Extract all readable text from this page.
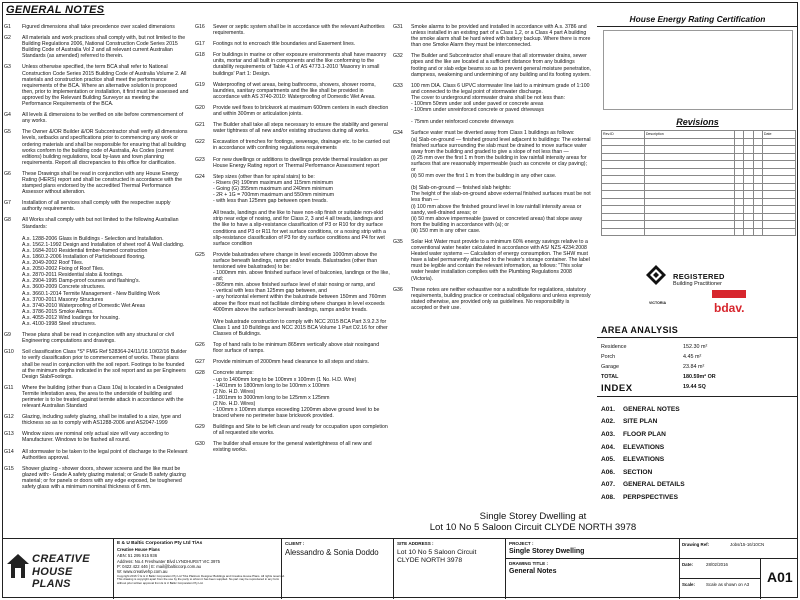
GENERAL NOTES
G1	Figured dimensions shall take precedence over scaled dimensions
G2	All materials and work practices shall comply with, but not limited to the Building Regulations 2006, National Construction Code Series 2015 Building Code of Australia Vol 2 and all relevant current Australian Standards (as amended) referred to therein.
G3	Unless otherwise specified, the term BCA shall refer to National Construction Code Series 2015 Building Code of Australia Volume 2. All materials and construction practice shall meet the performance requirements of the BCA. Where an alternative solution is proposed then, prior to implementation or installation, it first must be assessed and approved by the Relevant Building Surveyor as meeting the Performance Requirements of the BCA.
G4	All levels & dimensions to be verified on site before commencement of any works.
G5	The Owner &/OR Builder &/OR Subcontractor shall verify all dimensions levels, setbacks and specifications prior to commencing any work or ordering materials and shall be responsible for ensuring that all building works conform to the building code of Australia, As Codes (current editions) building regulations, local by-laws and town planning requirements. Report all discrepancies to this office for clarification.
G6	These Drawings shall be read in conjunction with any House Energy Rating (HERS) report and shall be constructed in accordance with the stamped plans endorsed by the accredited Thermal Performance Assessor without alteration.
G7	Installation of all services shall comply with the respective supply authority requirements.
G8	All Works shall comply with but not limited to the following Australian Standards:

A.s. 1288-2006 Glass in Buildings - Selection and Installation.
A.s. 1562.1-1992 Design and Installation of sheet roof & Wall cladding.
A.s. 1684-2010 Residential timber-framed construction
A.s. 1860.2-2006 Installation of Particleboard flooring.
A.s. 2049-2002 Roof Tiles.
A.s. 2050-2002 Fixing of Roof Tiles.
A.s. 2870-2011 Residential slabs & footings.
A.s. 2904-1995 Damp-proof courses and flashing's.
A.s. 3600-2009 Concrete structures.
A.s. 3660.1-2014 Termite Management - New Building Work
A.s. 3700-2011 Masonry Structures
A.s. 3740-2010 Waterproofing of Domestic Wet Areas
A.s. 3786-2015 Smoke Alarms.
A.s. 4055-2012 Wind loadings for housing.
A.s. 4100-1998 Steel structures.
G9	These plans shall be read in conjunction with any structural or civil Engineering computations and drawings.
G10	Soil classification Class *S* FMG Ref 528364-24/11/16 10/02/16 Builder to verify classification prior to commencement of works. These plans shall be read in conjunction with the soil report. Footings to be founded at the minimum depths indicated in the soil report and as per Engineers Design Slab/Footings.
G11	Where the building (other than a Class 10a) is located in a Designated Termite infestation area, the area to the underside of building and perimeter is to be treated against termite attack in accordance with the relevant Australian Standard
G12	Glazing, including safety glazing, shall be installed to a size, type and thickness so as to comply with AS1288-2006 and AS2047-1999
G13	Window sizes are nominal only actual size will vary according to Manufacturer. Windows to be flashed all round.
G14	All stormwater to be taken to the legal point of discharge to the Relevant Authorities approval.
G15	Shower glazing - shower doors, shower screens and the like must be glazed with:- Grade A safety glazing material; or Grade B safety glazing material; or for panels or doors with any edge exposed, be toughened safety glass with a minimum nominal thickness of 6 mm.
G16	Sewer or septic system shall be in accordance with the relevant Authorities requirements.
G17	Footings not to encroach title boundaries and Easement lines.
G18	For buildings in marine or other exposure environments shall have masonry units, mortar and all built in components and the like conforming to the durability requirements of Table 4.1 of AS 4773.1-2010 'Masonry in small buildings' Part 1: Design.
G19	Waterproofing of wet areas, being bathrooms, showers, shower rooms, laundries, sanitary compartments and the like shall be provided in accordance with AS 3740-2010: Waterproofing of Domestic Wet Areas.
G20	Provide weil fixes to brickwork at maximum 600mm centers in each direction and within 300mm or articulation joints.
G21	The Builder shall take all steps necessary to ensure the stability and general water tightness of all new and/or existing structures during all works.
G22	Excavation of trenches for footings, sewerage, drainage etc. to be carried out in accordance with confining regulations requirements
G23	For new dwellings or additions to dwellings provide thermal insulation as per House Energy Rating report or Thermal Performance Assessment report
G24	Step sizes (other than for spiral stairs) to be:
- Risers (R) 190mm maximum and 115mm minimum
- Going (G) 355mm maximum and 240mm minimum
- 2R + 1G = 700mm maximum and 550mm minimum
- with less than 125mm gap between open treads.

All treads, landings and the like to have non-slip finish or suitable non-skid strip near edge of nosing, and for Class 2, 3 and 4 all treads, landings and the like to have a slip-resistance classification of P3 or R10 for dry surface conditions and P3 or R11 for wet surface conditions, or a nosing strip with a slip-resistance classification of P3 for dry surface conditions and P4 for wet surface condition
G25	Provide balustrades where change in level exceeds 1000mm above the surface beneath landings, ramps and/or treads. Balustrades (other than tensioned wire balustrades) to be:
- 1000mm min. above finished surface level of balconies, landings or the like, and;
- 865mm min. above finished surface level of stair nosing or ramp, and
- vertical with less than 125mm gap between, and
- any horizontal element within the balustrade between 150mm and 760mm above the floor must not facilitate climbing where changes in level exceeds 4000mm above the surface beneath landings, ramps and/or treads.

Wire balustrade construction to comply with NCC 2015 BCA Part 3.9.2.3 for Class 1 and 10 Buildings and NCC 2015 BCA Volume 1 Part D2.16 for other Classes of Buildings.
G26	Top of hand rails to be minimum 865mm vertically above stair nosingand floor surface of ramps.
G27	Provide minimum of 2000mm head clearance to all steps and stairs.
G28	Concrete stumps:
- up to 1400mm long to be 100mm x 100mm (1 No. H.D. Wire)
- 1401mm to 1800mm long to be 100mm x 100mm
(2 No. H.D. Wires)
- 1801mm to 3000mm long to be 125mm x 125mm
(2 No. H.D. Wires)
- 100mm x 100mm stumps exceeding 1200mm above ground level to be braced where no perimeter base brickwork provided.
G29	Buildings and Site to be left clean and ready for occupation upon completion of all requested site works.
G30	The builder shall ensure for the general watertightness of all new and existing works.
G31	Smoke alarms to be provided and installed in accordance with A.s. 3786 and unless installed in an existing part of a Class 1,2, or a Class 4 part A building the smoke alarm shall be hard wired with battery backup. Where there is more than one Smoke Alarm they must be interconnected.
G32	The Builder and Subcontractor shall ensure that all stormwater drains, sewer pipes and the like are located at a sufficient distance from any buildings footing and or slab edge beams so as to prevent general moisture penetration, dampness, weakening and undermining of any building and its footing system.
G33	100 mm DIA. Class 6 UPVC stormwater line laid to a minimum grade of 1:100 and connected to the legal point of stormwater discharge.
The cover to underground stormwater drains shall be not less than:
- 100mm 50mm under soil under paved or concrete areas
- 100mm under unreinforced concrete or paved driveways

- 75mm under reinforced concrete driveways
G34	Surface water must be diverted away from Class 1 buildings as follows:
(a) Slab-on-ground — finished ground level adjacent to buildings: The external finished surface surrounding the slab must be drained to move surface water away from the building and graded to give a slope of not less than —
(i) 25 mm over the first 1 m from the building in low rainfall intensity areas for surfaces that are reasonably impermeable (such as concrete or clay paving); or
(ii) 50 mm over the first 1 m from the building in any other case.

(b) Slab-on-ground — finished slab heights:
The height of the slab-on-ground above external finished surfaces must be not less than —
(i) 100 mm above the finished ground level in low rainfall intensity areas or sandy, well-drained areas; or
(ii) 50 mm above impermeable (paved or concreted areas) that slope away from the building in accordance with (a); or
(iii) 150 mm in any other case.
G35	Solar Hot Water must provide to a minimum 60% energy savings relative to a conventional water heater calculated in accordance with AS/ NZS 4234:2008 Heated water systems — Calculation of energy consumption. The SHW must have a label permanently attached to the heater's storage container. The label must be legible and contain the relevant information, as follows: "This solar water heater installation complies with the Plumbing Regulations 2008 (Victoria).
G36	These notes are neither exhaustive nor a substitute for regulations, statutory requirements, building practice or contractual obligations and unless expressly stated otherwise, are provided only as guidelines. No responsibility is accepted or their use.
House Energy Rating Certification
Revisions
Rev.ID	Description				Date

REGISTERED
Building Practitioner
VICTORIA	bdav.
AREA ANALYSIS
Residence	152.30 m²
Porch	4.45 m²
Garage	23.84 m²
TOTAL	180.59m² OR
19.44 SQ
INDEX
A01.	GENERAL NOTES
A02.	SITE PLAN
A03.	FLOOR PLAN
A04.	ELEVATIONS
A05.	ELEVATIONS
A06.	SECTION
A07.	GENERAL DETAILS
A08.	PERPSPECTIVES
Single Storey Dwelling at
Lot 10 No 5 Saloon Circuit CLYDE NORTH 3978
CREATIVE
HOUSE PLANS
E & U Baltic Corporation Pty Ltd T/As
Creative House Plans
ABN: 51 295 915 936
Address: No.4 Freshwater Blvd LYNDHURST VIC 3975
P: 0422 422 446 | E: mail@balticcorp.com.au
W: www.creativehp.com.au
Copyright 2016 © E & U Baltic Corporation Pty Ltd T/As Platinum Designer Buildings and Creative House Plans. All rights reserved. This drawing is copyright apart from the use by the party to whom it has been supplied. No part may be reproduced in any form without prior written approval from E & U Baltic Corporation Pty Ltd.
CLIENT :
Alessandro & Sonia Doddo
SITE ADDRESS :
Lot 10 No 5 Saloon Circuit
CLYDE NORTH 3978
PROJECT :
Single Storey Dwelling
DRAWING TITLE :
General Notes
Drawing Ref:	Jobs/15-16/10CN
Date:	28/02/2016
Scale:	Scale as shown on A3	A01
